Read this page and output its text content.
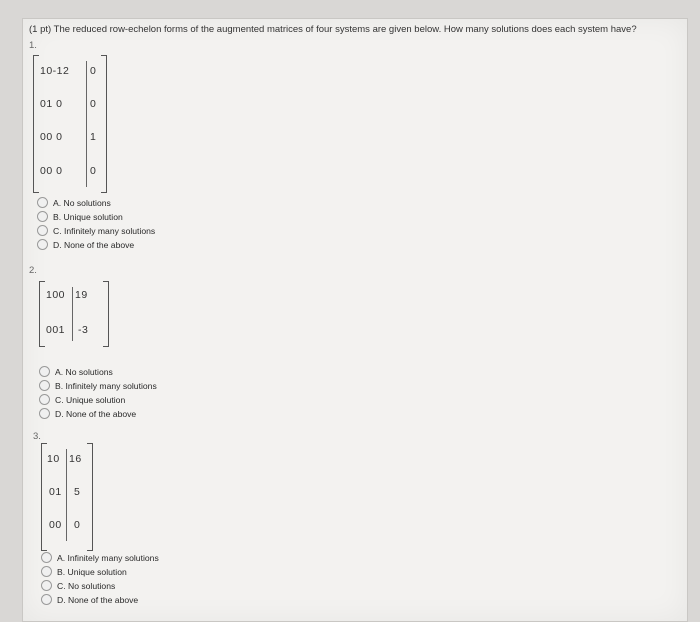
(1 pt) The reduced row-echelon forms of the augmented matrices of four systems are given below. How many solutions does each system have?
1.
10-12 0
01 0	0
00 0	1
00 0	0
A. No solutions
B. Unique solution
C. Infinitely many solutions
D. None of the above
2.
100 19
001 -3
A. No solutions
B. Infinitely many solutions
C. Unique solution
D. None of the above
3.
10 16
01 5
00 0
A. Infinitely many solutions
B. Unique solution
C. No solutions
D. None of the above
